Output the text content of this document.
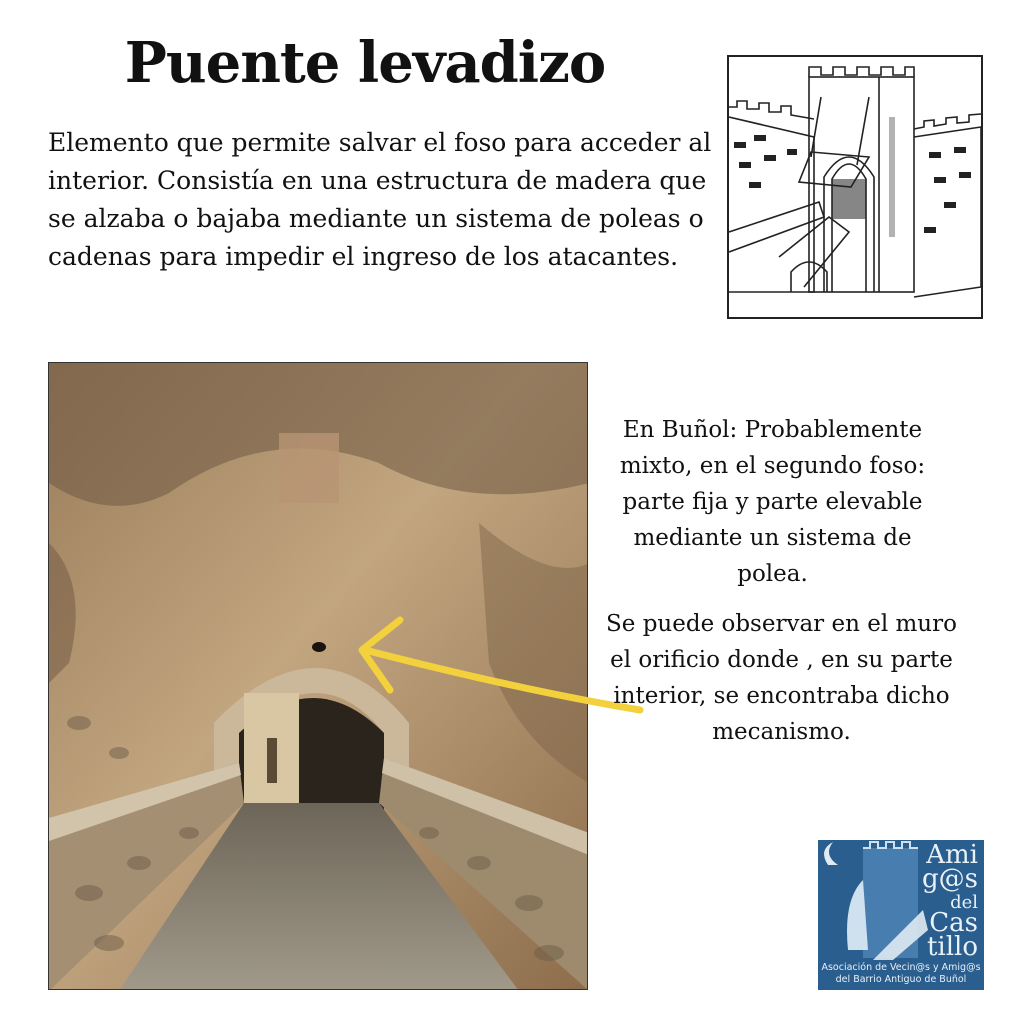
Puente levadizo
Elemento que permite salvar el foso para acceder al interior. Consistía en una estructura de madera que se alzaba o bajaba mediante un sistema de poleas o cadenas para impedir el ingreso de los atacantes.
En Buñol: Probablemente mixto, en el segundo foso: parte fija y parte elevable mediante un sistema de polea.
Se puede observar en el muro el orificio donde , en su parte interior, se encontraba dicho mecanismo.
Ami
g@s
del
Cas
tillo
Asociación de Vecin@s y Amig@s
del Barrio Antiguo de Buñol
